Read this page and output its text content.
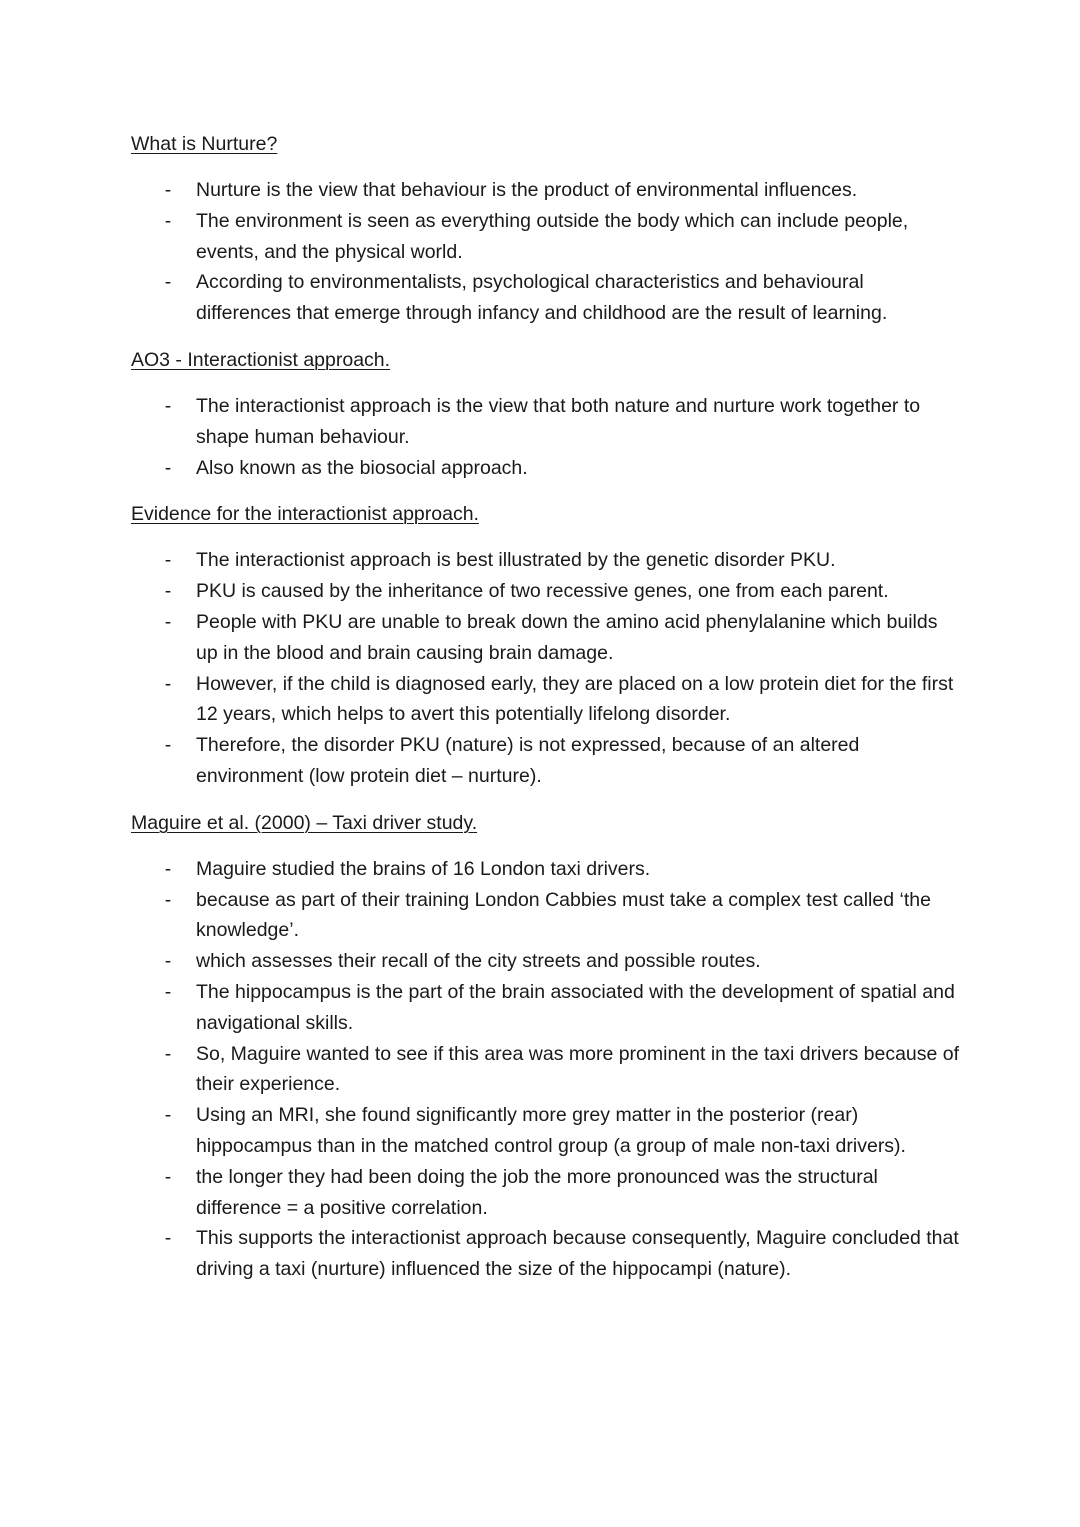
What is Nurture?
- Nurture is the view that behaviour is the product of environmental influences.
- The environment is seen as everything outside the body which can include people, events, and the physical world.
- According to environmentalists, psychological characteristics and behavioural differences that emerge through infancy and childhood are the result of learning.
AO3 - Interactionist approach.
- The interactionist approach is the view that both nature and nurture work together to shape human behaviour.
- Also known as the biosocial approach.
Evidence for the interactionist approach.
- The interactionist approach is best illustrated by the genetic disorder PKU.
- PKU is caused by the inheritance of two recessive genes, one from each parent.
- People with PKU are unable to break down the amino acid phenylalanine which builds up in the blood and brain causing brain damage.
- However, if the child is diagnosed early, they are placed on a low protein diet for the first 12 years, which helps to avert this potentially lifelong disorder.
- Therefore, the disorder PKU (nature) is not expressed, because of an altered environment (low protein diet – nurture).
Maguire et al. (2000) – Taxi driver study.
- Maguire studied the brains of 16 London taxi drivers.
- because as part of their training London Cabbies must take a complex test called ‘the knowledge’.
- which assesses their recall of the city streets and possible routes.
- The hippocampus is the part of the brain associated with the development of spatial and navigational skills.
- So, Maguire wanted to see if this area was more prominent in the taxi drivers because of their experience.
- Using an MRI, she found significantly more grey matter in the posterior (rear) hippocampus than in the matched control group (a group of male non-taxi drivers).
- the longer they had been doing the job the more pronounced was the structural difference = a positive correlation.
- This supports the interactionist approach because consequently, Maguire concluded that driving a taxi (nurture) influenced the size of the hippocampi (nature).
